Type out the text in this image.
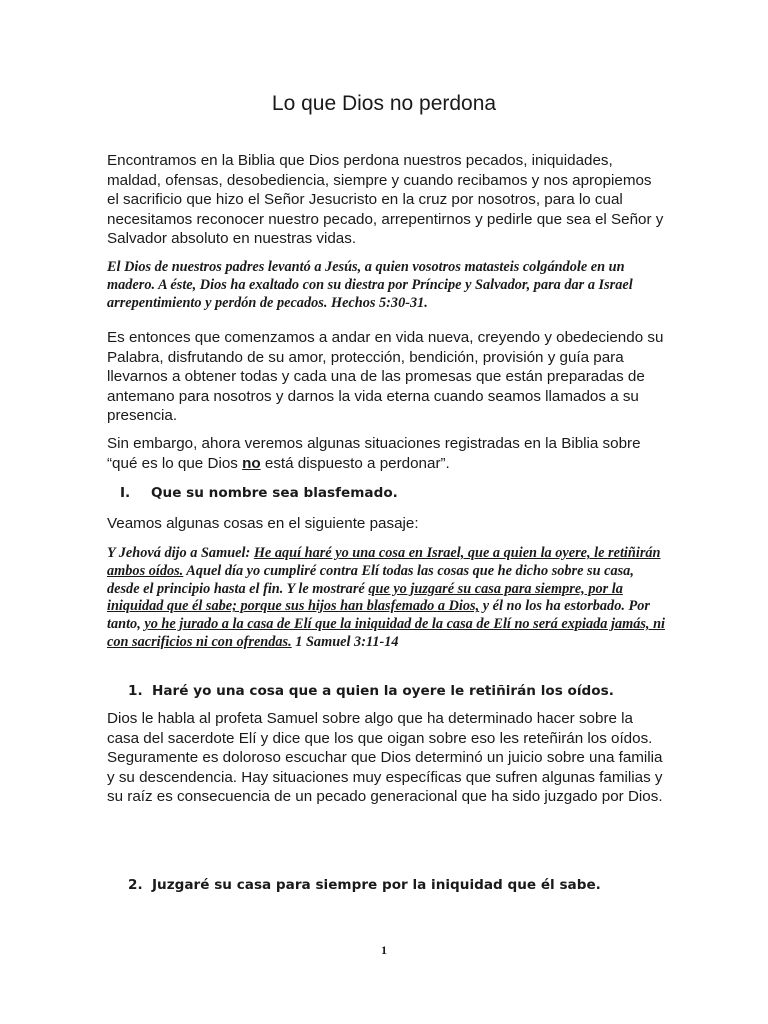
Lo que Dios no perdona

Encontramos en la Biblia que Dios perdona nuestros pecados, iniquidades, maldad, ofensas, desobediencia, siempre y cuando recibamos y nos apropiemos el sacrificio que hizo el Señor Jesucristo en la cruz por nosotros, para lo cual necesitamos reconocer nuestro pecado, arrepentirnos y pedirle que sea el Señor y Salvador absoluto en nuestras vidas.

El Dios de nuestros padres levantó a Jesús, a quien vosotros matasteis colgándole en un madero. A éste, Dios ha exaltado con su diestra por Príncipe y Salvador, para dar a Israel arrepentimiento y perdón de pecados. Hechos 5:30-31.

Es entonces que comenzamos a andar en vida nueva, creyendo y obedeciendo su Palabra, disfrutando de su amor, protección, bendición, provisión y guía para llevarnos a obtener todas y cada una de las promesas que están preparadas de antemano para nosotros y darnos la vida eterna cuando seamos llamados a su presencia.

Sin embargo, ahora veremos algunas situaciones registradas en la Biblia sobre “qué es lo que Dios no está dispuesto a perdonar”.

I. Que su nombre sea blasfemado.

Veamos algunas cosas en el siguiente pasaje:

Y Jehová dijo a Samuel: He aquí haré yo una cosa en Israel, que a quien la oyere, le retiñirán ambos oídos. Aquel día yo cumpliré contra Elí todas las cosas que he dicho sobre su casa, desde el principio hasta el fin. Y le mostraré que yo juzgaré su casa para siempre, por la iniquidad que él sabe; porque sus hijos han blasfemado a Dios, y él no los ha estorbado. Por tanto, yo he jurado a la casa de Elí que la iniquidad de la casa de Elí no será expiada jamás, ni con sacrificios ni con ofrendas. 1 Samuel 3:11-14

1. Haré yo una cosa que a quien la oyere le retiñirán los oídos.

Dios le habla al profeta Samuel sobre algo que ha determinado hacer sobre la casa del sacerdote Elí y dice que los que oigan sobre eso les reteñirán los oídos. Seguramente es doloroso escuchar que Dios determinó un juicio sobre una familia y su descendencia. Hay situaciones muy específicas que sufren algunas familias y su raíz es consecuencia de un pecado generacional que ha sido juzgado por Dios.

2. Juzgaré su casa para siempre por la iniquidad que él sabe.
1
